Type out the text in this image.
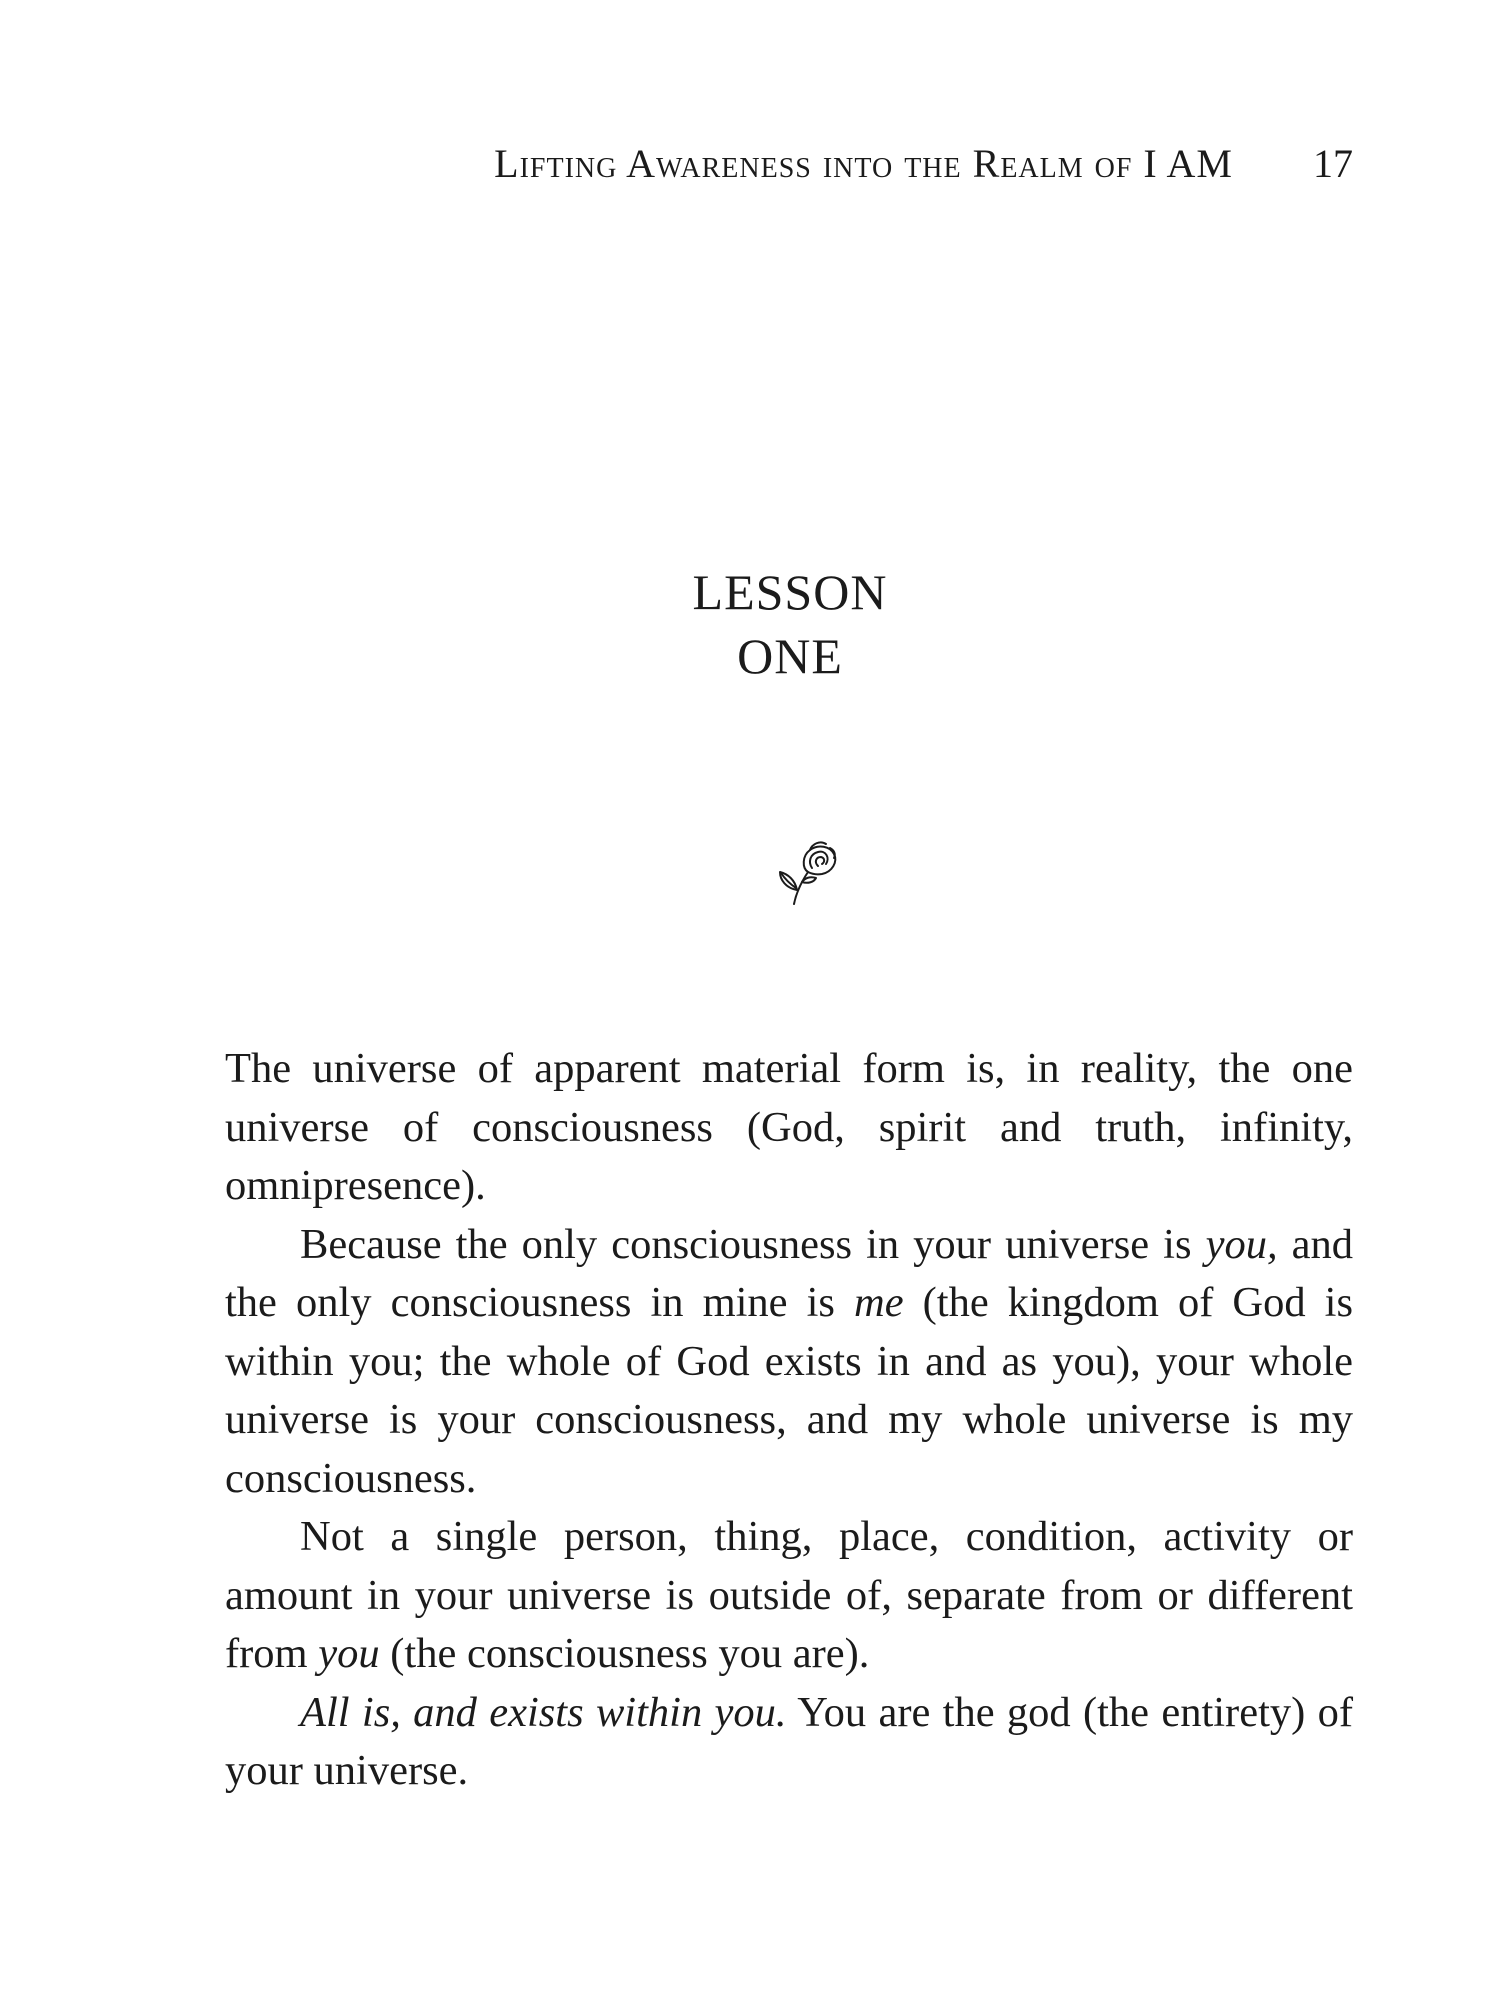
Lifting Awareness into the Realm of I AM 17
LESSON
ONE

The universe of apparent material form is, in reality, the one universe of consciousness (God, spirit and truth, infinity, omnipresence).

Because the only consciousness in your universe is you, and the only consciousness in mine is me (the kingdom of God is within you; the whole of God exists in and as you), your whole universe is your consciousness, and my whole universe is my consciousness.

Not a single person, thing, place, condition, activity or amount in your universe is outside of, separate from or different from you (the consciousness you are).

All is, and exists within you. You are the god (the entirety) of your universe.
